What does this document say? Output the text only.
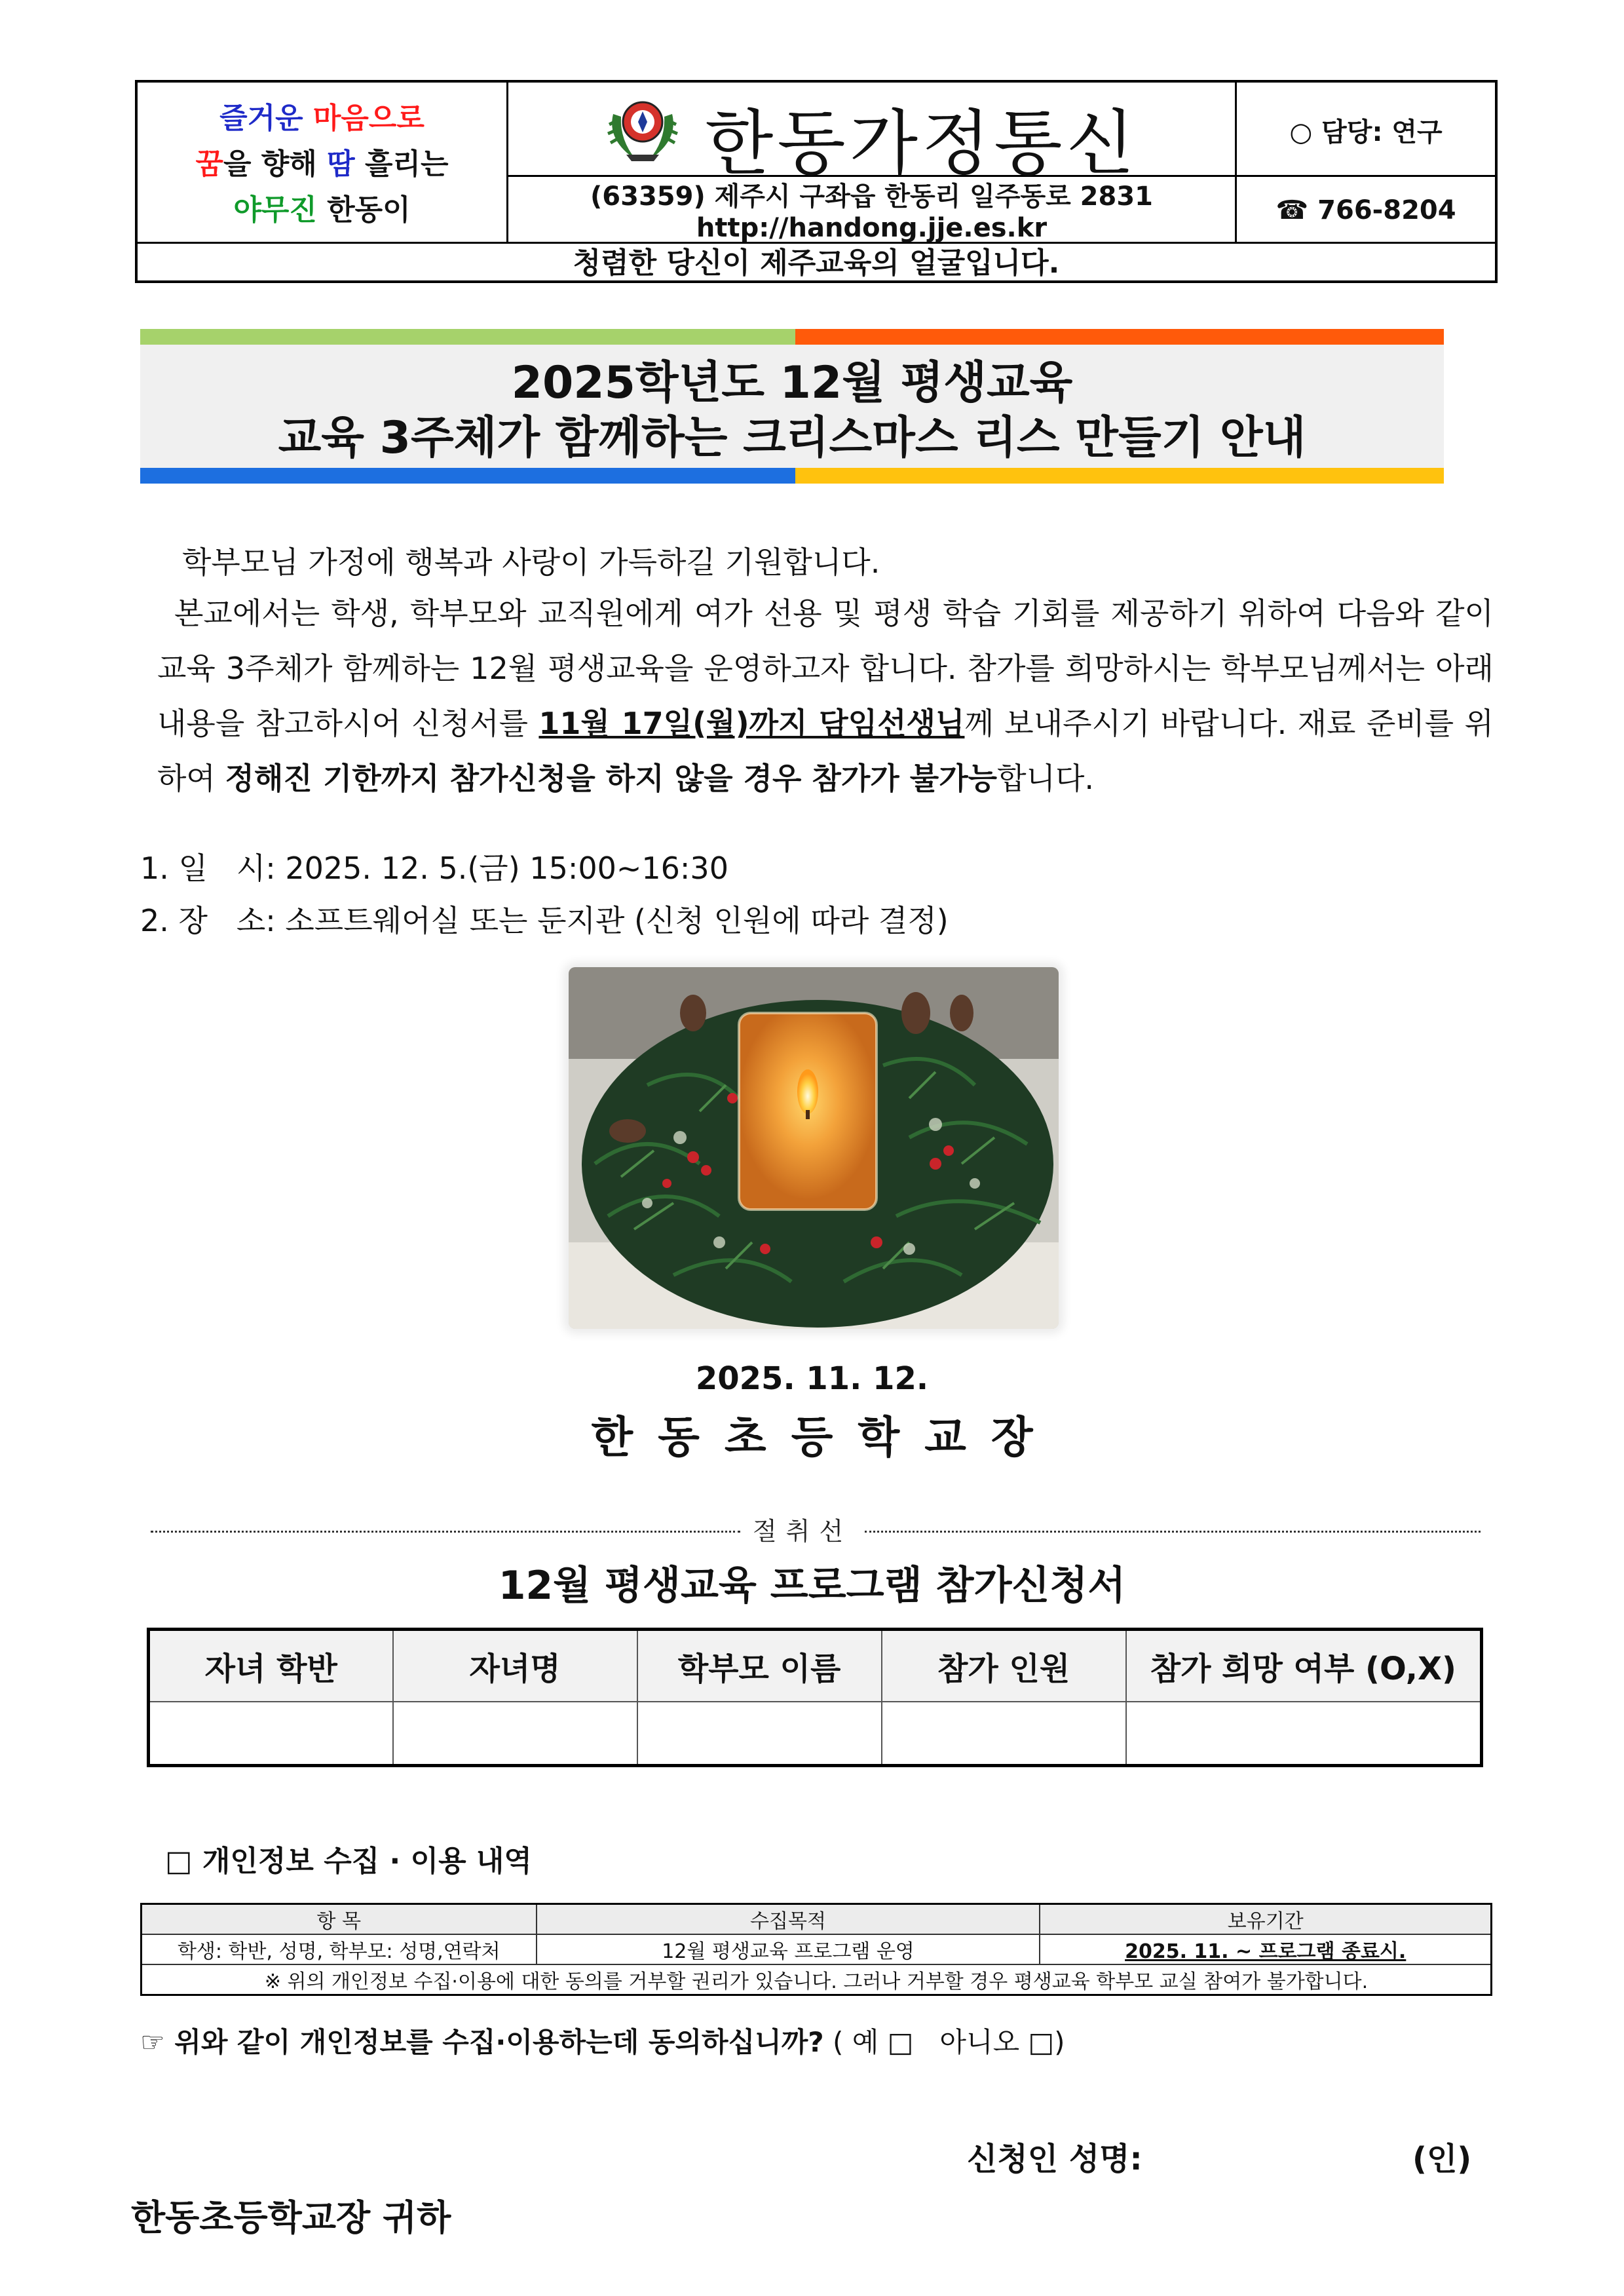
즐거운 마음으로
꿈을 향해 땀 흘리는
야무진 한동이
한동가정통신
(63359) 제주시 구좌읍 한동리 일주동로 2831
http://handong.jje.es.kr
○ 담당: 연구
☎ 766-8204
청렴한 당신이 제주교육의 얼굴입니다.
2025학년도 12월 평생교육
교육 3주체가 함께하는 크리스마스 리스 만들기 안내
학부모님 가정에 행복과 사랑이 가득하길 기원합니다.
본교에서는 학생, 학부모와 교직원에게 여가 선용 및 평생 학습 기회를 제공하기 위하여 다음와 같이 교육 3주체가 함께하는 12월 평생교육을 운영하고자 합니다. 참가를 희망하시는 학부모님께서는 아래 내용을 참고하시어 신청서를 11월 17일(월)까지 담임선생님께 보내주시기 바랍니다. 재료 준비를 위하여 정해진 기한까지 참가신청을 하지 않을 경우 참가가 불가능합니다.
1. 일   시: 2025. 12. 5.(금) 15:00~16:30
2. 장   소: 소프트웨어실 또는 둔지관 (신청 인원에 따라 결정)
2025. 11. 12.
한동초등학교장
절취선
12월 평생교육 프로그램 참가신청서
자녀 학반	자녀명	학부모 이름	참가 인원	참가 희망 여부 (O,X)

□ 개인정보 수집 · 이용 내역
항 목	수집목적	보유기간
학생: 학반, 성명, 학부모: 성명,연락처	12월 평생교육 프로그램 운영	2025. 11. ~ 프로그램 종료시.
※ 위의 개인정보 수집·이용에 대한 동의를 거부할 권리가 있습니다. 그러나 거부할 경우 평생교육 학부모 교실 참여가 불가합니다.		
☞ 위와 같이 개인정보를 수집·이용하는데 동의하십니까? ( 예 □   아니오 □)
신청인 성명:	(인)
한동초등학교장 귀하
